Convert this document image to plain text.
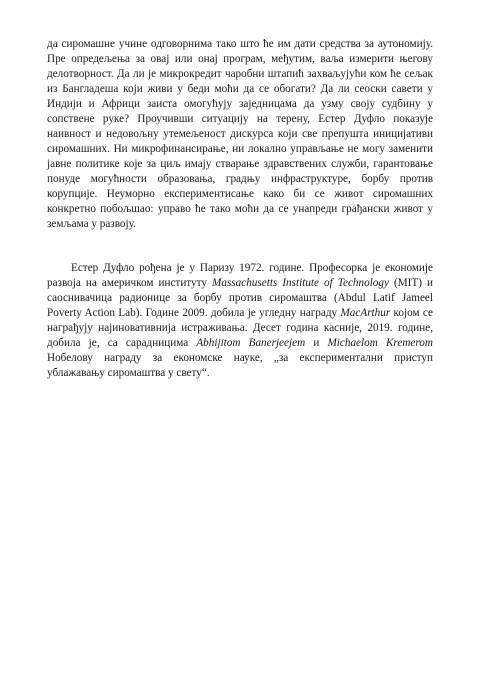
да сиромашне учине одговорнима тако што ће им дати средства за аутономију. Пре опредељења за овај или онај програм, међутим, ваља измерити његову делотворност. Да ли је микрокредит чаробни штапић захваљујући ком ће сељак из Бангладеша који живи у беди моћи да се обогати? Да ли сеоски савети у Индији и Африци заиста омогућују заједницама да узму своју судбину у сопствене руке? Проучивши ситуацију на терену, Естер Дуфло показује наивност и недовољну утемељеност дискурса који све препушта иницијативи сиромашних. Ни микрофинансирање, ни локално управљање не могу заменити јавне политике које за циљ имају стварање здравствених служби, гарантовање понуде могућности образовања, градњу инфраструктуре, борбу против корупције. Неуморно експериментисање како би се живот сиромашних конкретно побољшао: управо ће тако моћи да се унапреди грађански живот у земљама у развоју.

Естер Дуфло рођена је у Паризу 1972. године. Професорка је економије развоја на америчком институту Massachusetts Institute of Technology (MIT) и саоснивачица радионице за борбу против сиромаштва (Abdul Latif Jameel Poverty Action Lab). Године 2009. добила је угледну награду MacArthur којом се награђују најиновативнија истраживања. Десет година касније, 2019. године, добила је, са сарадницима Abhijitom Banerjeejem и Michaelom Kremerom Нобелову награду за економске науке, „за експериментални приступ ублажавању сиромаштва у свету“.
